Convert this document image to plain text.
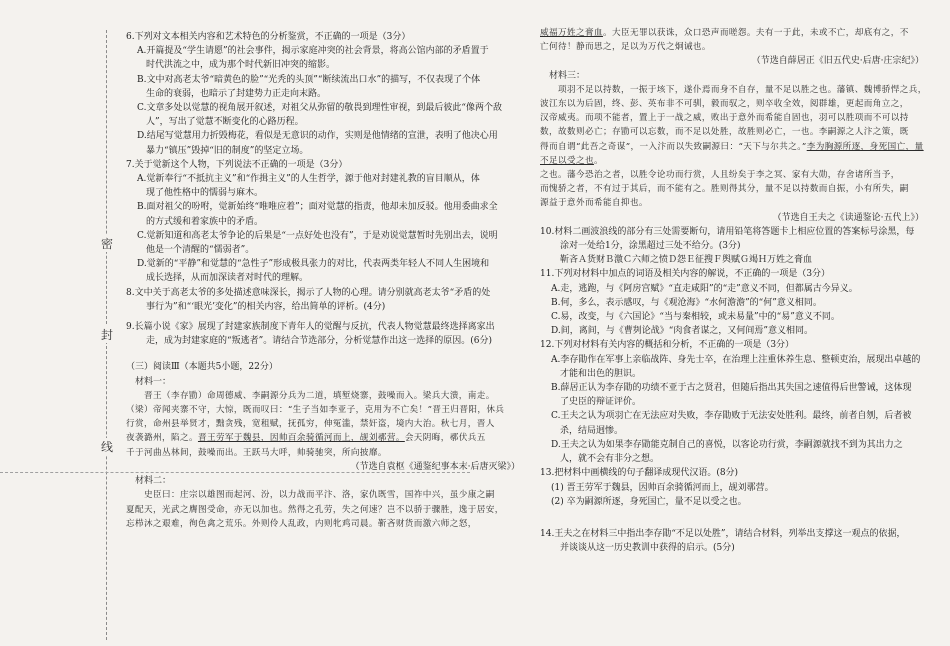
密
封
线
6.下列对文本相关内容和艺术特色的分析鉴赏，不正确的一项是（3分）
A.开篇提及“学生请愿”的社会事件，揭示家庭冲突的社会背景，将高公馆内部的矛盾置于
时代洪流之中，成为那个时代新旧冲突的缩影。
B.文中对高老太爷“暗黄色的脸”“光秃的头顶”“断续流出口水”的描写，不仅表现了个体
生命的衰弱，也暗示了封建势力正走向末路。
C.文章多处以觉慧的视角展开叙述，对祖父从弥留的敬畏到理性审视，到最后彼此“像两个敌
人”，写出了觉慧不断变化的心路历程。
D.结尾写觉慧用力折毁梅花，看似是无意识的动作，实则是他情绪的宣泄，表明了他决心用
暴力“镇压”毁掉“旧的制度”的坚定立场。
7.关于觉新这个人物，下列说法不正确的一项是（3分）
A.觉新奉行“不抵抗主义”和“作揖主义”的人生哲学，源于他对封建礼教的盲目顺从，体
现了他性格中的懦弱与麻木。
B.面对祖父的吩咐，觉新始终“唯唯应着”；面对觉慧的指责，他却未加反驳。他用委曲求全
的方式缓和着家族中的矛盾。
C.觉新知道和高老太爷争论的后果是“一点好处也没有”，于是劝说觉慧暂时先别出去，说明
他是一个清醒的“懦弱者”。
D.觉新的“平静”和觉慧的“急性子”形成极具张力的对比，代表两类年轻人不同人生困境和
成长选择，从而加深读者对时代的理解。
8.文中关于高老太爷的多处描述意味深长，揭示了人物的心理。请分别就高老太爷“矛盾的处
事行为”和“‘眼光’变化”的相关内容，给出简单的评析。(4分)
9.长篇小说《家》展现了封建家族制度下青年人的觉醒与反抗，代表人物觉慧最终选择离家出
走，成为封建家庭的“叛逃者”。请结合节选部分，分析觉慧作出这一选择的原因。(6分)
（三）阅读Ⅲ（本题共5小题，22分）
　材料一：
　　晋王（李存勖）命周德威、李嗣源分兵为二道，填堑烧寨，鼓噪而入。梁兵大溃，南走。
（梁）帝闻夹寨不守，大惊，既而叹曰：“生子当如李亚子，克用为不亡矣！”晋王归晋阳，休兵
行赏，命州县举贤才，黜贪残，宽租赋，抚孤穷，伸冤滥，禁奸盗，境内大治。秋七月，晋人
夜袭潞州，陷之。晋王劳军于魏县，因帅百余骑循河而上，觇刘鄩营。会天阴晦，鄩伏兵五
千于河曲丛林间，鼓噪而出。王跃马大呼，帅骑驰突，所向披靡。
（节选自袁枢《通鉴纪事本末·后唐灭梁》）
　材料二：
　　史臣曰：庄宗以雄图而起河、汾，以力战而平汴、洛，家仇既雪，国祚中兴，虽少康之嗣
夏配天，光武之膺图受命，亦无以加也。然得之孔劳，失之何速？岂不以骄于骤胜，逸于居安，
忘栉沐之艰难，徇色禽之荒乐。外则伶人乱政，内则牝鸡司晨。靳吝财货而激六师之怒，
威福万姓之膏血。大臣无罪以获诛，众口恐声而嗟怨。夫有一于此，未或不亡，却底有之，不
亡何待！静而思之，足以为万代之炯诫也。
（节选自薛居正《旧五代史·后唐·庄宗纪》）
　材料三：
　　项羽不足以持数，一振于垓下，遂仆焉而身不自存，量不足以胜之也。藩镇、魏博骄悍之兵，
波江东以为后固，终、彭、英布非不可驯，毅而驭之，则卒收全效，阅群雄，更起而角立之，
汉帝威夷。而项不能者，置上于一战之威，败出于意外而希能自固也，羽可以胜项而不可以持
数，故数则必亡；存勖可以忘数，而不足以处胜，故胜则必亡，一也。李嗣源之人汴之策，既
得而自谓“此吾之奇谋”，一入汴而以失致嗣源曰：“天下与尔共之。”李为胸源所逐，身死国亡，量不足以受之也。
之也。藩今恐治之者，以胜令论功而行赏，人且纷矣于李之冥、家有大勋，存舍诸所当予，
而愧骄之者，不有过于其后，而不能有之。胜则得其分，量不足以持数而自振，小有所失，嗣
源益于意外而希能自抑也。
（节选自王夫之《读通鉴论·五代上》）
10.材料二画波浪线的部分有三处需要断句，请用铅笔将答题卡上相应位置的答案标号涂黑，每
涂对一处给1分，涂黑超过三处不给分。(3分)
靳吝Ａ货财Ｂ激Ｃ六师之愤Ｄ怨Ｅ征搜Ｆ舆赋Ｇ竭Ｈ万姓之膏血
11.下列对材料中加点的词语及相关内容的解说，不正确的一项是（3分）
A.走，逃跑，与《阿房宫赋》“直走咸阳”的“走”意义不同，但都属古今异义。
B.何，多么，表示感叹，与《观沧海》“水何澹澹”的“何”意义相同。
C.易，改变，与《六国论》“当与秦相较，或未易量”中的“易”意义不同。
D.间，离间，与《曹刿论战》“肉食者谋之，又何间焉”意义相同。
12.下列对材料有关内容的概括和分析，不正确的一项是（3分）
A.李存勖作在军事上亲临战阵、身先士卒，在治理上注重休养生息、整顿吏治，展现出卓越的
才能和出色的胆识。
B.薛居正认为李存勖的功绩不亚于古之贤君，但随后指出其失国之速值得后世警诫，这体现
了史臣的辩证评价。
C.王夫之认为项羽亡在无法应对失败，李存勖败于无法安处胜利。最终，前者自刎，后者被
杀，结局迥惨。
D.王夫之认为如果李存勖能克制自己的喜悦，以客论功行赏，李嗣源就找不到为其出力之
人，就不会有非分之想。
13.把材料中画横线的句子翻译成现代汉语。(8分)
(1) 晋王劳军于魏县，因帅百余骑循河而上，觇刘鄩营。
(2) 卒为嗣源所逐，身死国亡，量不足以受之也。
14.王夫之在材料三中指出李存勖“不足以处胜”，请结合材料，列举出支撑这一观点的依据，
并谈谈从这一历史教训中获得的启示。(5分)
